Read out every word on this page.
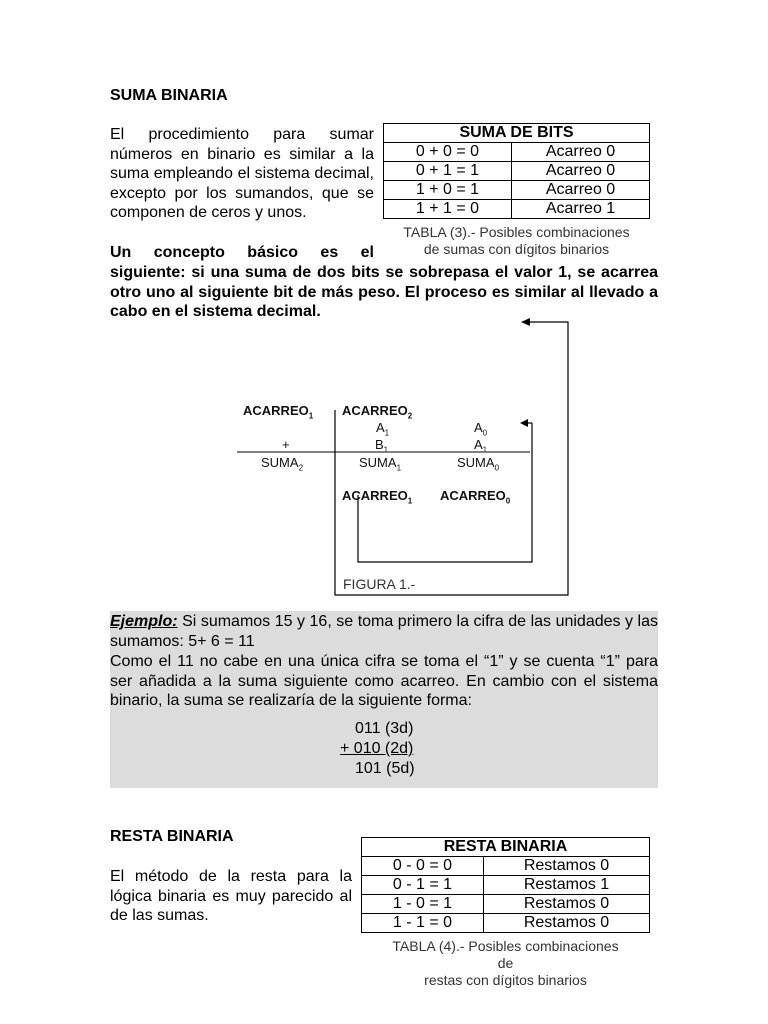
SUMA BINARIA
El procedimiento para sumar números en binario es similar a la suma empleando el sistema decimal, excepto por los sumandos, que se componen de ceros y unos.
Un concepto básico es el
siguiente: si una suma de dos bits se sobrepasa el valor 1, se acarrea otro uno al siguiente bit de más peso. El proceso es similar al llevado a cabo en el sistema decimal.
SUMA DE BITS	
0 + 0 = 0	Acarreo 0
0 + 1 = 1	Acarreo 0
1 + 0 = 1	Acarreo 0
1 + 1 = 0	Acarreo 1
TABLA (3).- Posibles combinaciones
de sumas con dígitos binarios
$ACARREO_1$ $ACARREO_2$
$A_1$	$A_0$
+	$B_1$	$A_1$
$SUMA_2$	$SUMA_1$	$SUMA_0$
$ACARREO_1$ $ACARREO_0$
FIGURA 1.-
Ejemplo: Si sumamos 15 y 16, se toma primero la cifra de las unidades y las sumamos: 5+ 6 = 11
Como el 11 no cabe en una única cifra se toma el “1” y se cuenta “1” para ser añadida a la suma siguiente como acarreo. En cambio con el sistema binario, la suma se realizaría de la siguiente forma:
011 (3d)
+ 010 (2d)
101 (5d)
RESTA BINARIA
El método de la resta para la lógica binaria es muy parecido al de las sumas.
RESTA BINARIA	
0 - 0 = 0	Restamos 0
0 - 1 = 1	Restamos 1
1 - 0 = 1	Restamos 0
1 - 1 = 0	Restamos 0
TABLA (4).- Posibles combinaciones
de
restas con dígitos binarios
